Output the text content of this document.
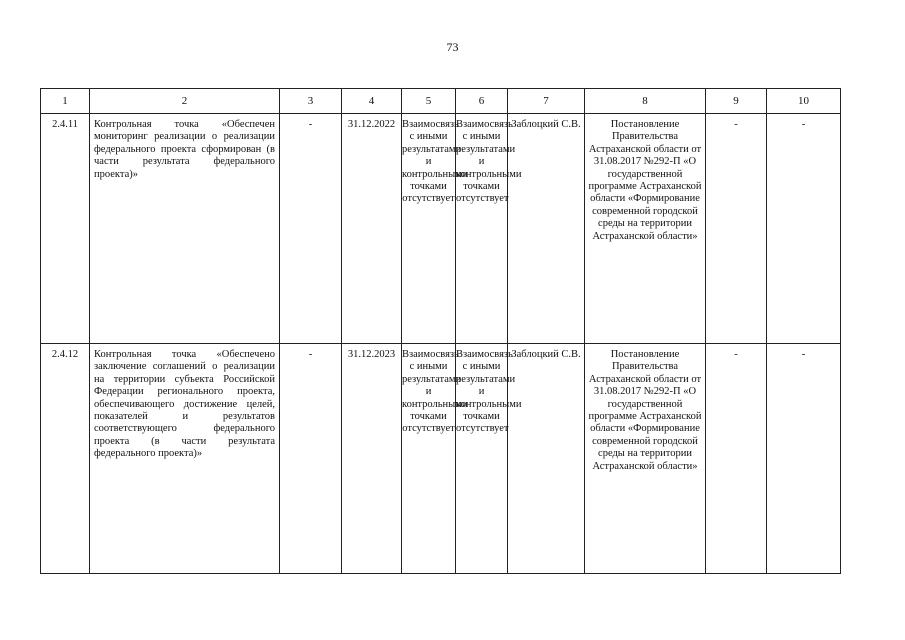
73
1	2	3	4	5	6	7	8	9	10
2.4.11	Контрольная точка «Обеспечен мониторинг реализации о реализации федерального проекта сформирован (в части результата федерального проекта)»	-	31.12.2022	Взаимосвязь с иными результатами и контрольными точками отсутствует	Взаимосвязь с иными результатами и контрольными точками отсутствует	Заблоцкий С.В.	Постановление Правительства Астраханской области от 31.08.2017 №292-П «О государственной программе Астраханской области «Формирование современной городской среды на территории Астраханской области»	-	-
2.4.12	Контрольная точка «Обеспечено заключение соглашений о реализации на территории субъекта Российской Федерации регионального проекта, обеспечивающего достижение целей, показателей и результатов соответствующего федерального проекта (в части результата федерального проекта)»	-	31.12.2023	Взаимосвязь с иными результатами и контрольными точками отсутствует	Взаимосвязь с иными результатами и контрольными точками отсутствует	Заблоцкий С.В.	Постановление Правительства Астраханской области от 31.08.2017 №292-П «О государственной программе Астраханской области «Формирование современной городской среды на территории Астраханской области»	-	-
